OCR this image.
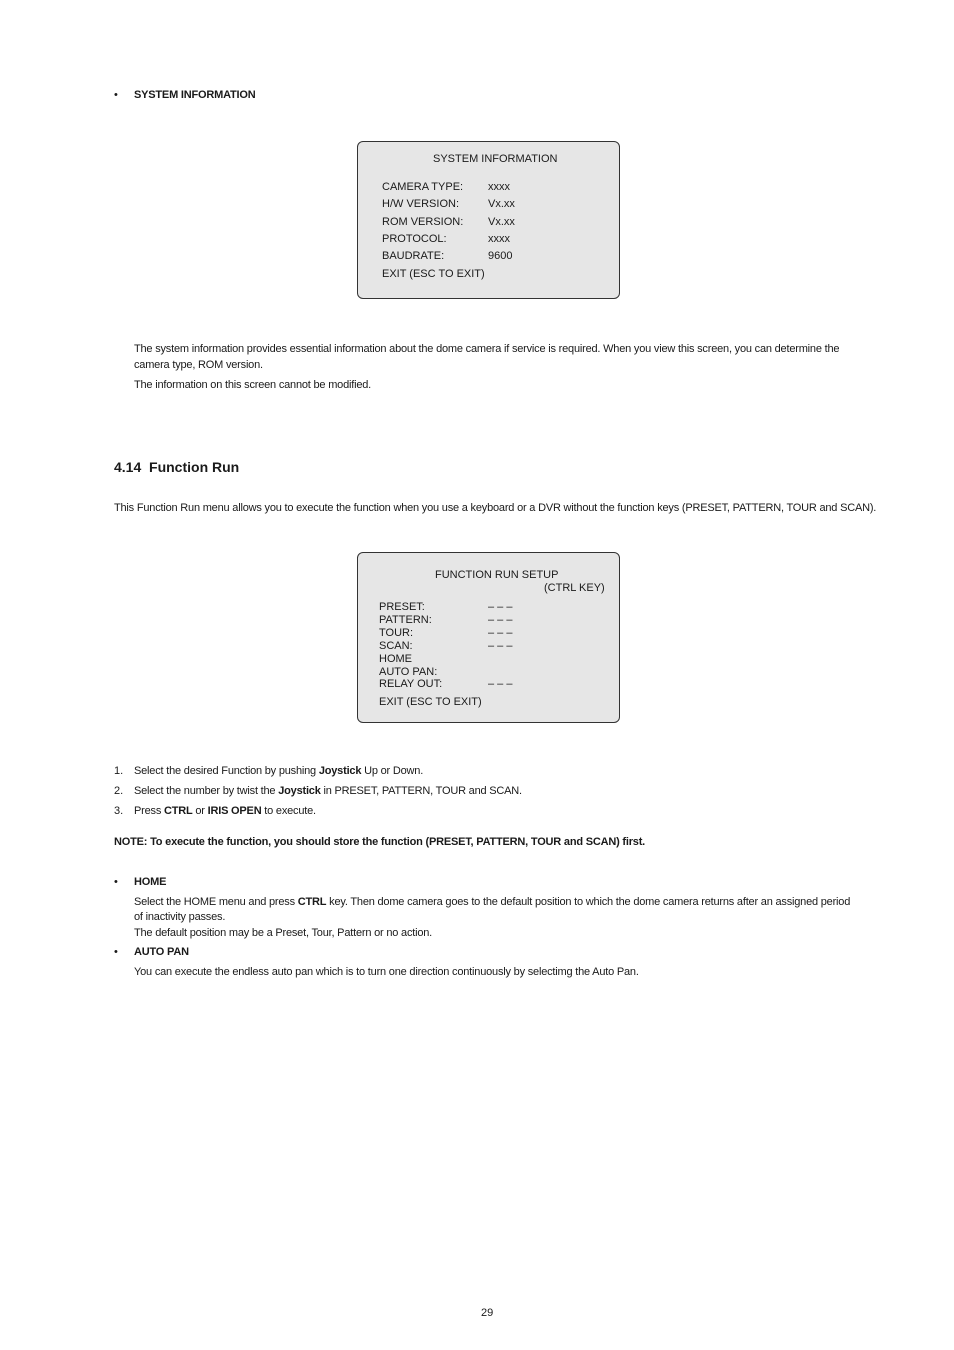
• SYSTEM INFORMATION
SYSTEM INFORMATION
CAMERA TYPE: xxxx
H/W VERSION:	Vx.xx
ROM VERSION: Vx.xx
PROTOCOL:	xxxx
BAUDRATE:	9600
EXIT (ESC TO EXIT)
The system information provides essential information about the dome camera if service is required. When you view this screen, you can determine the
camera type, ROM version.
The information on this screen cannot be modified.
4.14 Function Run
This Function Run menu allows you to execute the function when you use a keyboard or a DVR without the function keys (PRESET, PATTERN, TOUR and SCAN).
FUNCTION RUN SETUP
(CTRL KEY)
PRESET:	– – –
PATTERN:	– – –
TOUR:	– – –
SCAN:	– – –
HOME
AUTO PAN:
RELAY OUT:	– – –
EXIT (ESC TO EXIT)
1. Select the desired Function by pushing Joystick Up or Down.
2. Select the number by twist the Joystick in PRESET, PATTERN, TOUR and SCAN.
3. Press CTRL or IRIS OPEN to execute.
NOTE: To execute the function, you should store the function (PRESET, PATTERN, TOUR and SCAN) first.
• HOME
Select the HOME menu and press CTRL key. Then dome camera goes to the default position to which the dome camera returns after an assigned period
of inactivity passes.
The default position may be a Preset, Tour, Pattern or no action.
• AUTO PAN
You can execute the endless auto pan which is to turn one direction continuously by selectimg the Auto Pan.
29
